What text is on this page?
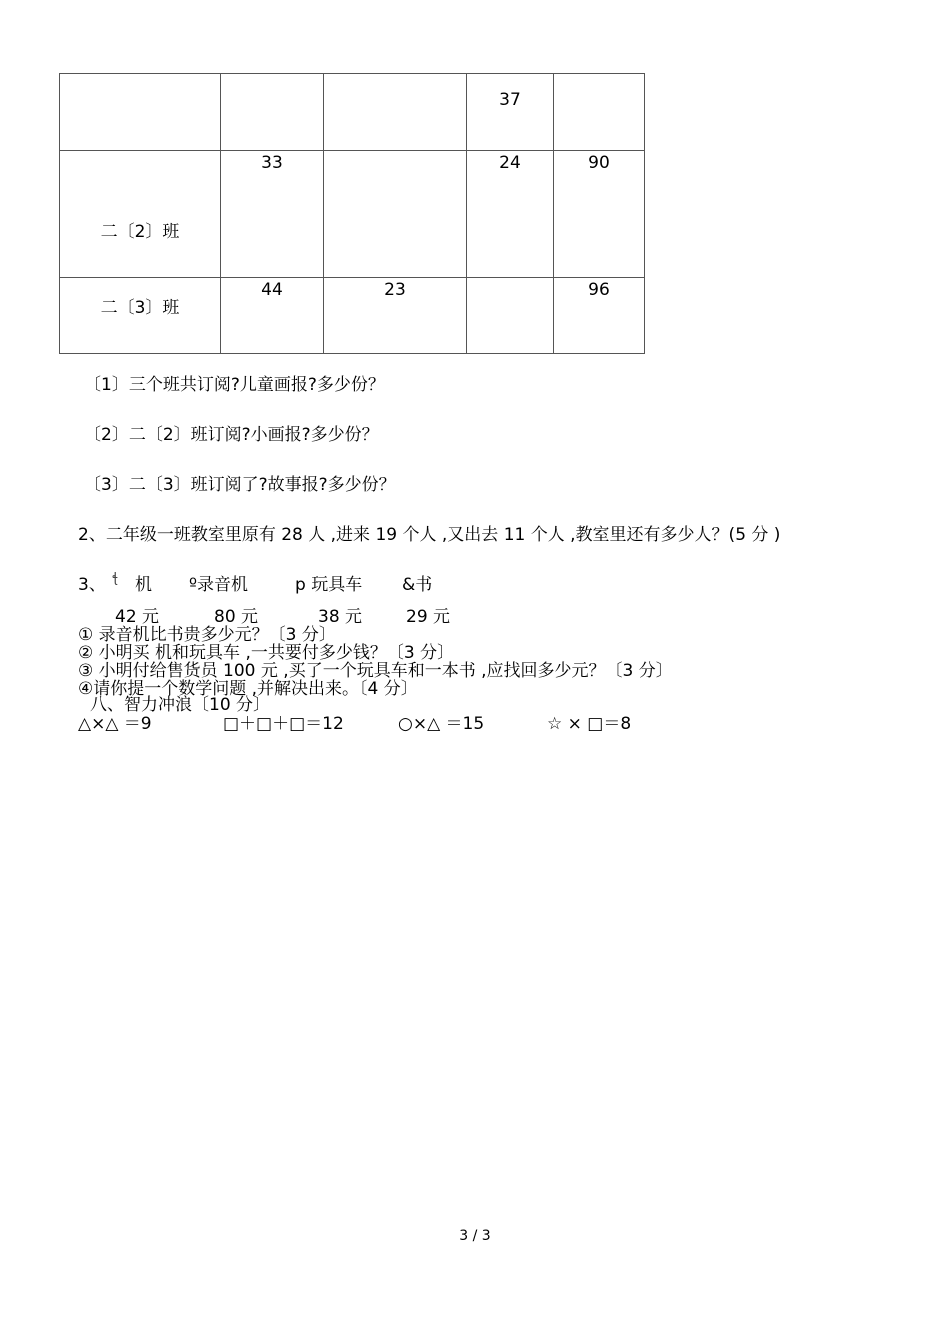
			37	

二〔2〕班	33		24	90

二〔3〕班	44	23		96
〔1〕三个班共订阅?儿童画报?多少份？
〔2〕二〔2〕班订阅?小画报?多少份？
〔3〕二〔3〕班订阅了?故事报?多少份？
2、二年级一班教室里原有 28 人 ,进来 19 个人 ,又出去 11 个人 ,教室里还有多少人？(5 分 )
3、 ꞎ 机 º录音机	p 玩具车 &书
42 元	80 元	38 元	29 元
① 录音机比书贵多少元？〔3 分〕
② 小明买 机和玩具车 ,一共要付多少钱？〔3 分〕
③ 小明付给售货员 100 元 ,买了一个玩具车和一本书 ,应找回多少元？〔3 分〕
④请你提一个数学问题 ,并解决出来。〔4 分〕
八、智力冲浪〔10 分〕
△×△ ＝9	□＋□＋□＝12	○×△ ＝15	☆ × □＝8
3 / 3
